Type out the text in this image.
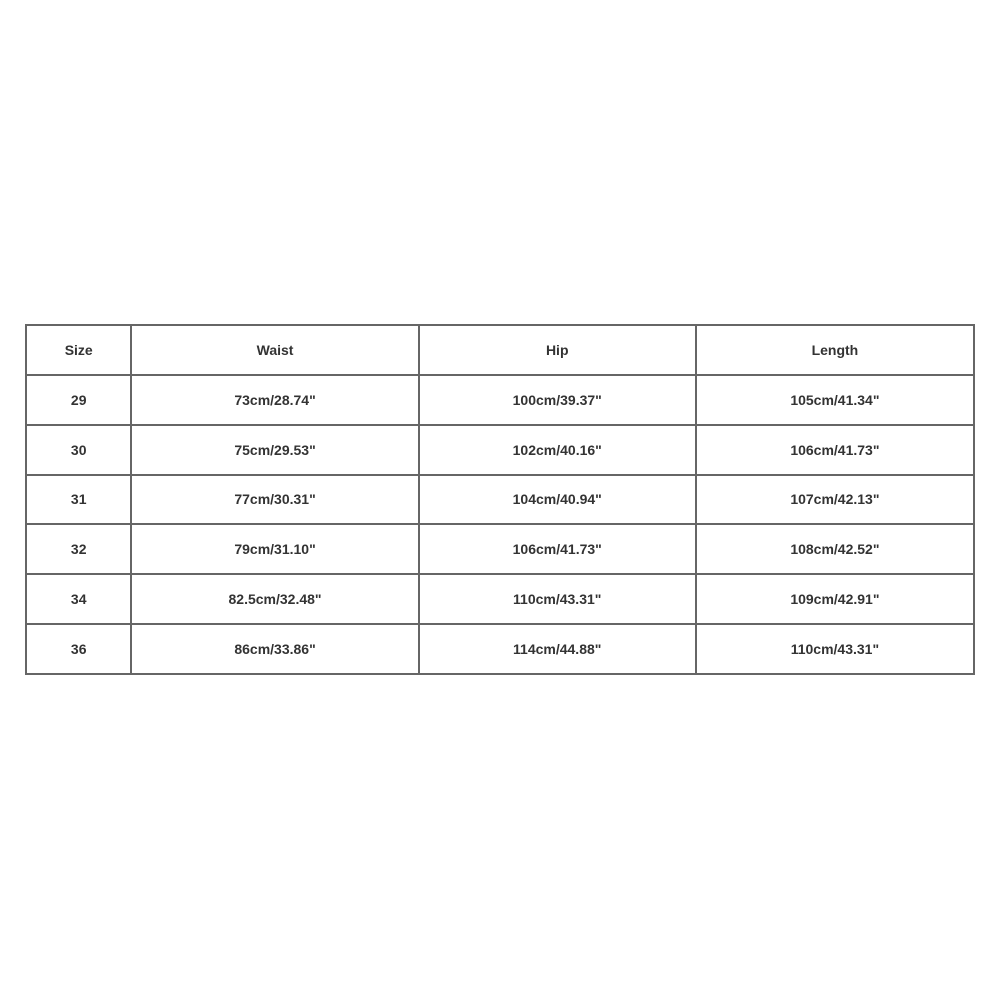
Size	Waist	Hip	Length
29	73cm/28.74"	100cm/39.37"	105cm/41.34"
30	75cm/29.53"	102cm/40.16"	106cm/41.73"
31	77cm/30.31"	104cm/40.94"	107cm/42.13"
32	79cm/31.10"	106cm/41.73"	108cm/42.52"
34	82.5cm/32.48"	110cm/43.31"	109cm/42.91"
36	86cm/33.86"	114cm/44.88"	110cm/43.31"
